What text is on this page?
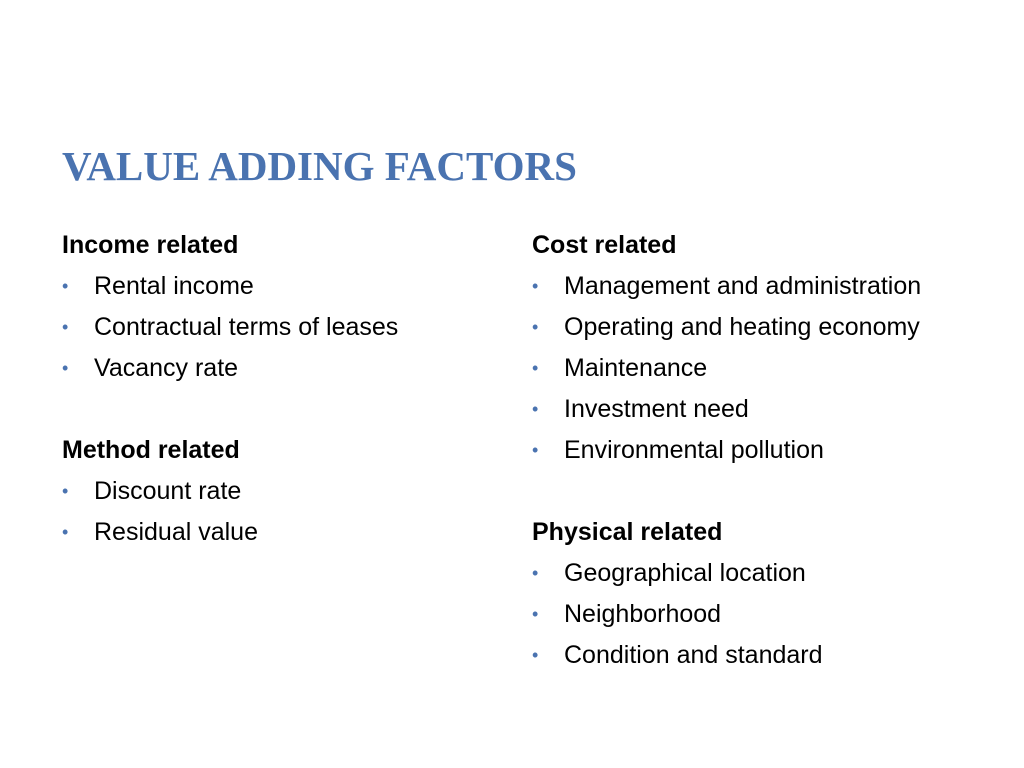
VALUE ADDING FACTORS
Income related
• Rental income
• Contractual terms of leases
• Vacancy rate
Method related
• Discount rate
• Residual value
Cost related
• Management and administration
• Operating and heating economy
• Maintenance
• Investment need
• Environmental pollution
Physical related
• Geographical location
• Neighborhood
• Condition and standard
